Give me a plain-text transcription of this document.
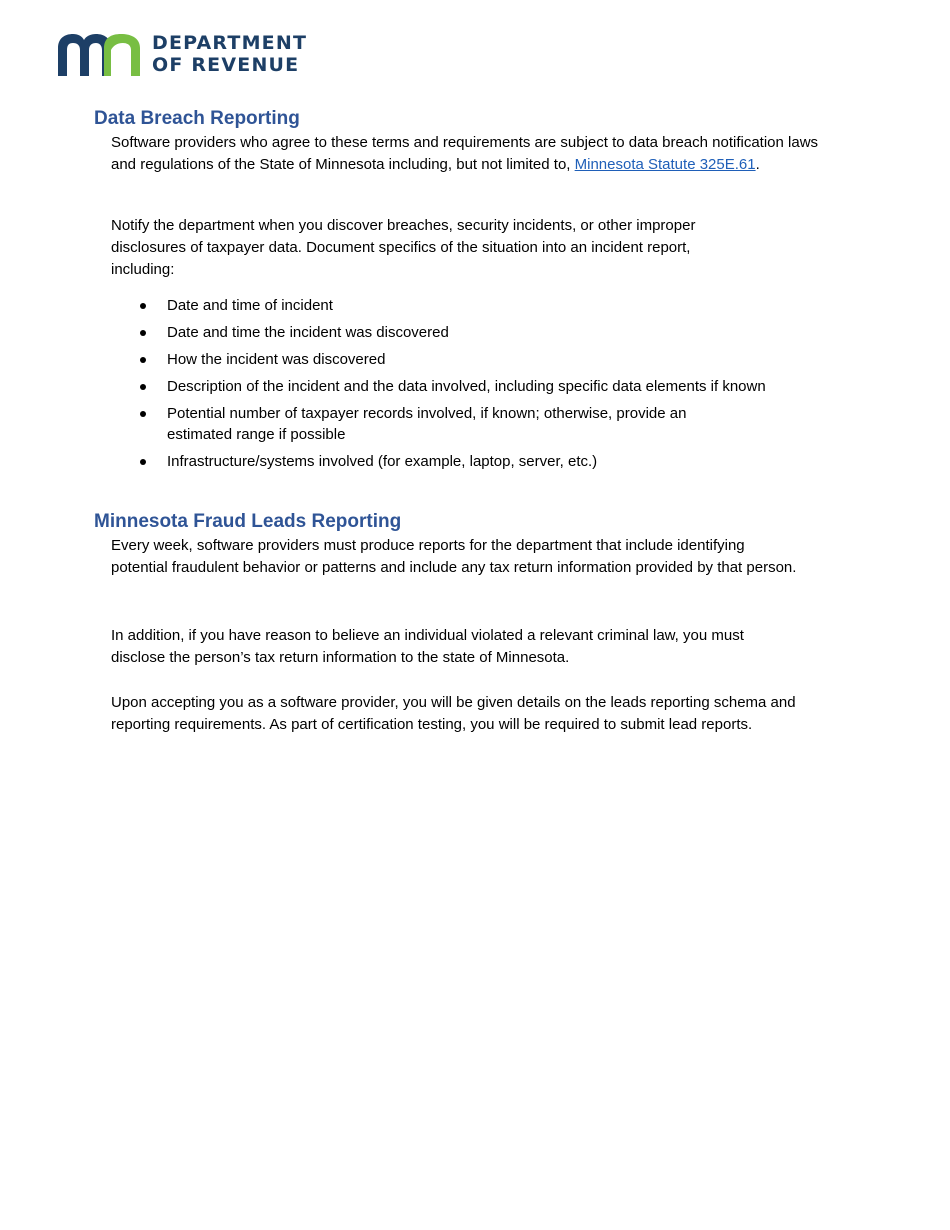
DEPARTMENT
OF REVENUE
Data Breach Reporting

Software providers who agree to these terms and requirements are subject to data breach notification laws and regulations of the State of Minnesota including, but not limited to, Minnesota Statute 325E.61.

Notify the department when you discover breaches, security incidents, or other improper disclosures of taxpayer data. Document specifics of the situation into an incident report, including:

Date and time of incident
Date and time the incident was discovered
How the incident was discovered
Description of the incident and the data involved, including specific data elements if known
Potential number of taxpayer records involved, if known; otherwise, provide an estimated range if possible
Infrastructure/systems involved (for example, laptop, server, etc.)
Minnesota Fraud Leads Reporting

Every week, software providers must produce reports for the department that include identifying potential fraudulent behavior or patterns and include any tax return information provided by that person.

In addition, if you have reason to believe an individual violated a relevant criminal law, you must disclose the person’s tax return information to the state of Minnesota.

Upon accepting you as a software provider, you will be given details on the leads reporting schema and reporting requirements. As part of certification testing, you will be required to submit lead reports.
